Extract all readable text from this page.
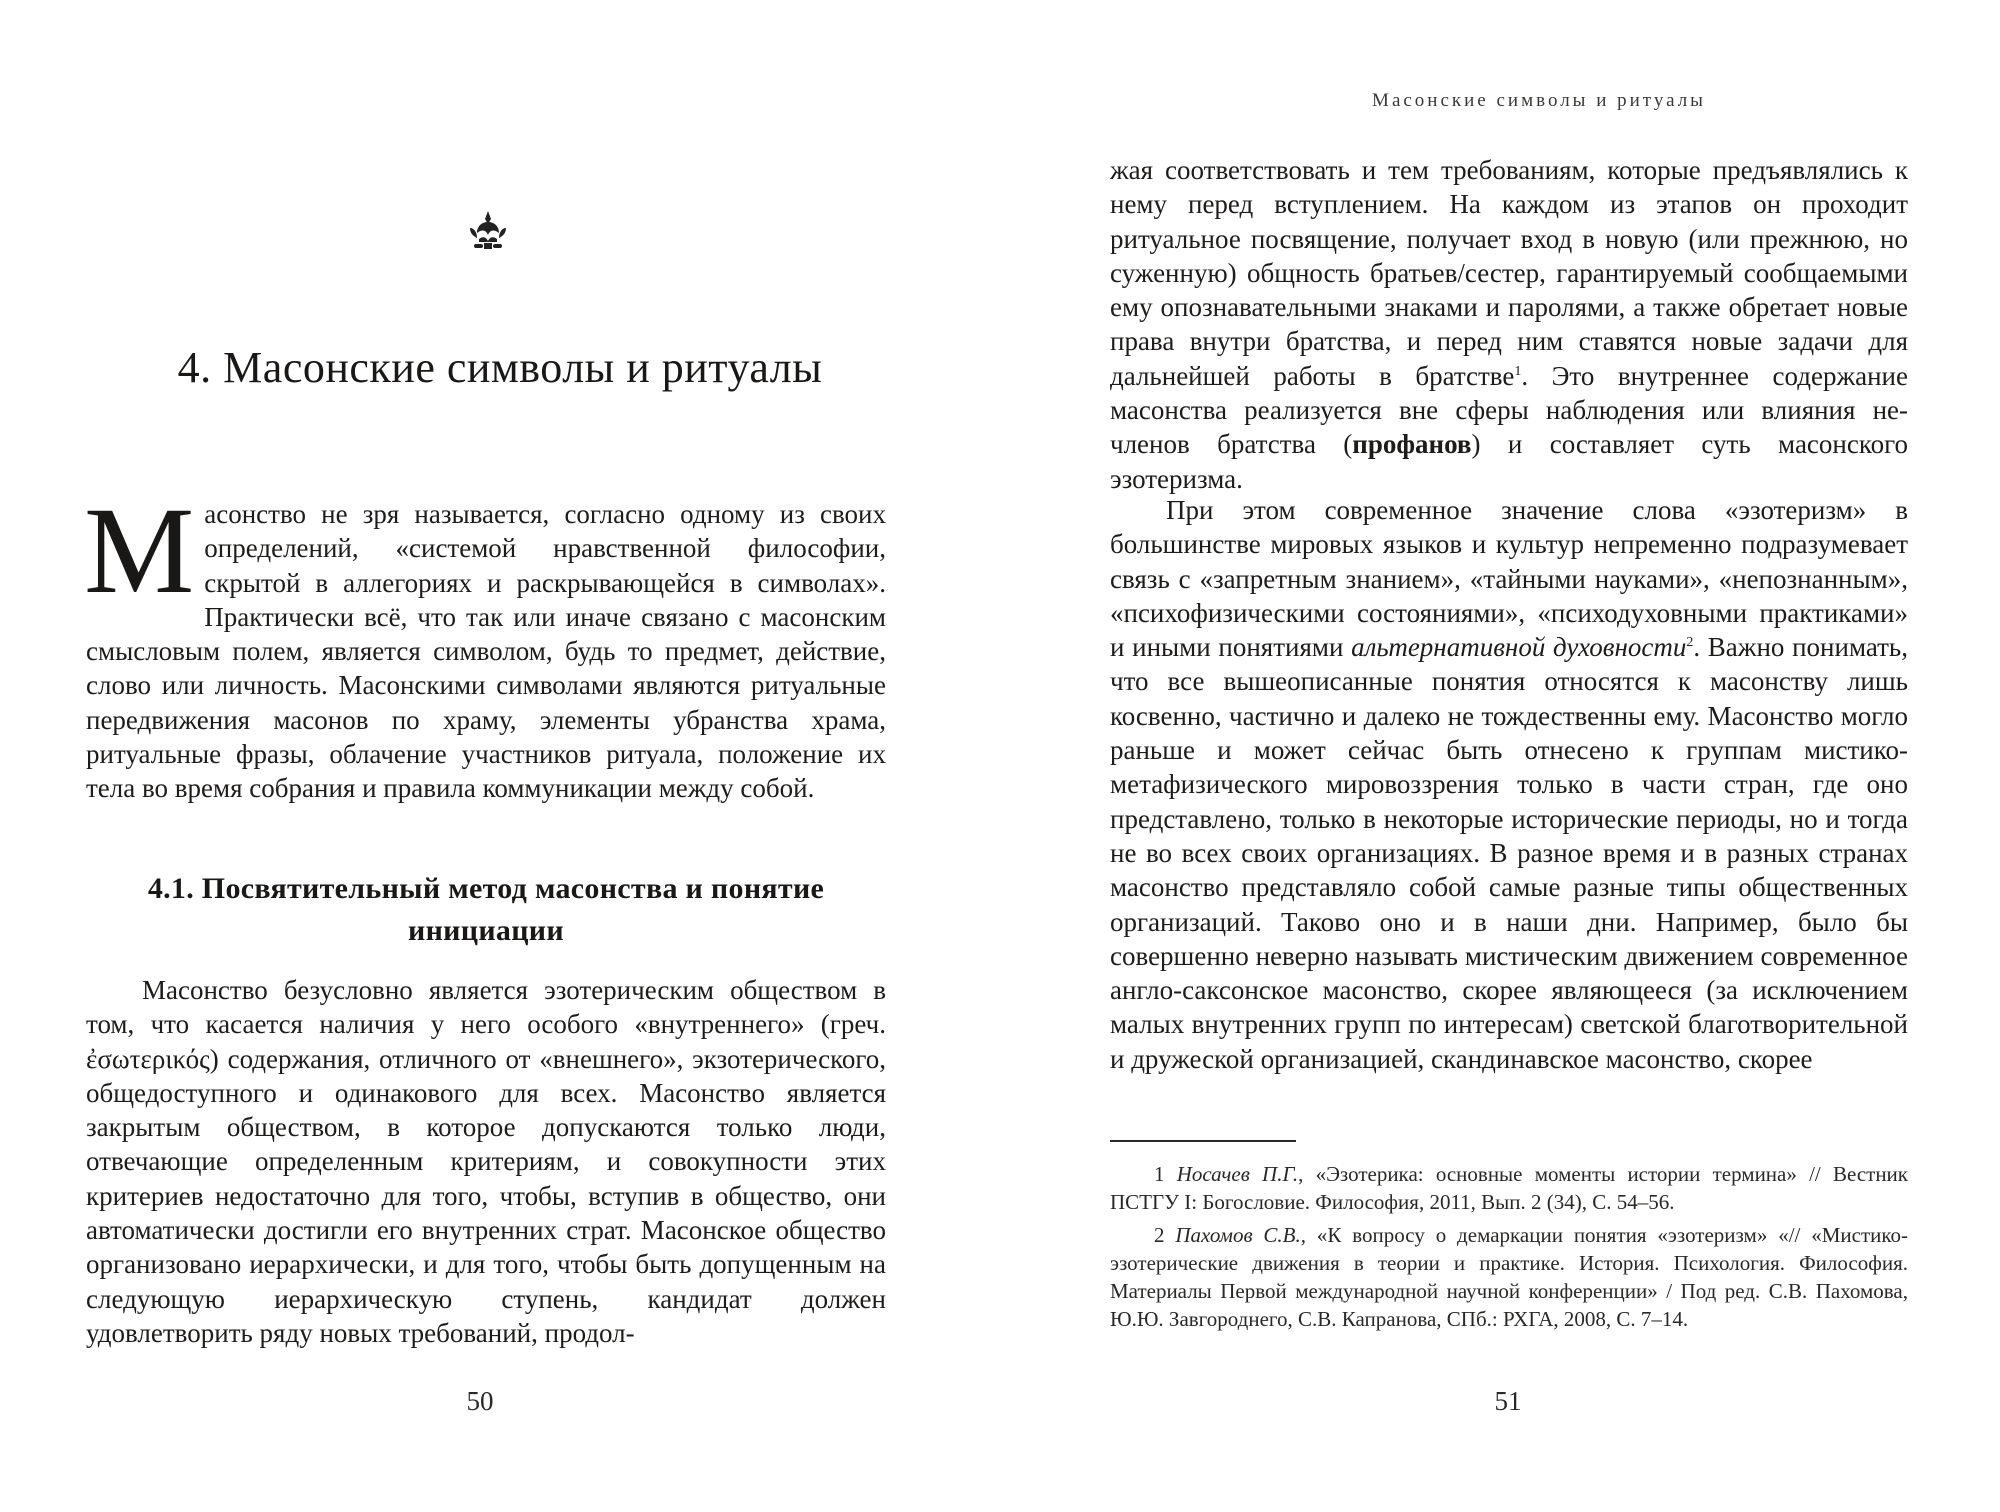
4. Масонские символы и ритуалы

Масонство не зря называется, согласно одному из своих определений, «системой нравственной философии, скрытой в аллегориях и раскрывающейся в символах». Практически всё, что так или иначе связано с масонским смысловым полем, является символом, будь то предмет, действие, слово или личность. Масонскими символами являются ритуальные передвижения масонов по храму, элементы убранства храма, ритуальные фразы, облачение участников ритуала, положение их тела во время собрания и правила коммуникации между собой.

4.1. Посвятительный метод масонства и понятие инициации

Масонство безусловно является эзотерическим обществом в том, что касается наличия у него особого «внутреннего» (греч. ἐσωτερικός) содержания, отличного от «внешнего», экзотерического, общедоступного и одинакового для всех. Масонство является закрытым обществом, в которое допускаются только люди, отвечающие определенным критериям, и совокупности этих критериев недостаточно для того, чтобы, вступив в общество, они автоматически достигли его внутренних страт. Масонское общество организовано иерархически, и для того, чтобы быть допущенным на следующую иерархическую ступень, кандидат должен удовлетворить ряду новых требований, продол-

50
Масонские символы и ритуалы

жая соответствовать и тем требованиям, которые предъявлялись к нему перед вступлением. На каждом из этапов он проходит ритуальное посвящение, получает вход в новую (или прежнюю, но суженную) общность братьев/сестер, гарантируемый сообщаемыми ему опознавательными знаками и паролями, а также обретает новые права внутри братства, и перед ним ставятся новые задачи для дальнейшей работы в братстве$^1$. Это внутреннее содержание масонства реализуется вне сферы наблюдения или влияния не-членов братства (профанов) и составляет суть масонского эзотеризма.

При этом современное значение слова «эзотеризм» в большинстве мировых языков и культур непременно подразумевает связь с «запретным знанием», «тайными науками», «непознанным», «психофизическими состояниями», «психодуховными практиками» и иными понятиями альтернативной духовности$^2$. Важно понимать, что все вышеописанные понятия относятся к масонству лишь косвенно, частично и далеко не тождественны ему. Масонство могло раньше и может сейчас быть отнесено к группам мистико-метафизического мировоззрения только в части стран, где оно представлено, только в некоторые исторические периоды, но и тогда не во всех своих организациях. В разное время и в разных странах масонство представляло собой самые разные типы общественных организаций. Таково оно и в наши дни. Например, было бы совершенно неверно называть мистическим движением современное англо-саксонское масонство, скорее являющееся (за исключением малых внутренних групп по интересам) светской благотворительной и дружеской организацией, скандинавское масонство, скорее

1 Носачев П.Г., «Эзотерика: основные моменты истории термина» // Вестник ПСТГУ I: Богословие. Философия, 2011, Вып. 2 (34), С. 54–56.

2 Пахомов С.В., «К вопросу о демаркации понятия «эзотеризм» «// «Мистико-эзотерические движения в теории и практике. История. Психология. Философия. Материалы Первой международной научной конференции» / Под ред. С.В. Пахомова, Ю.Ю. Завгороднего, С.В. Капранова, СПб.: РХГА, 2008, С. 7–14.

51
